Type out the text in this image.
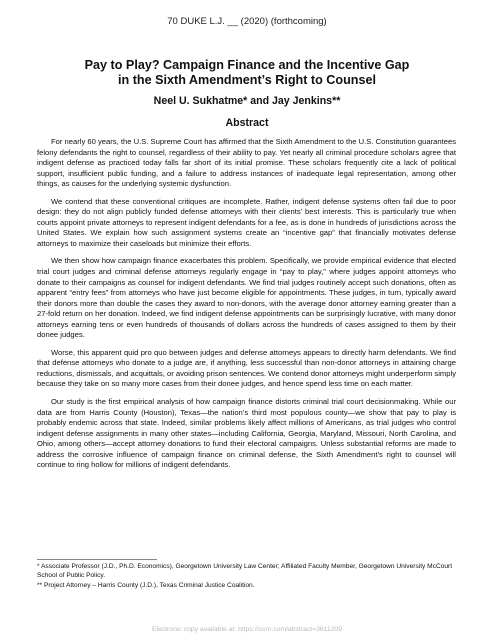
70 DUKE L.J. __ (2020) (forthcoming)
Pay to Play? Campaign Finance and the Incentive Gap
in the Sixth Amendment’s Right to Counsel
Neel U. Sukhatme* and Jay Jenkins**
Abstract

For nearly 60 years, the U.S. Supreme Court has affirmed that the Sixth Amendment to the U.S. Constitution guarantees felony defendants the right to counsel, regardless of their ability to pay. Yet nearly all criminal procedure scholars agree that indigent defense as practiced today falls far short of its initial promise. These scholars frequently cite a lack of political support, insufficient public funding, and a failure to address instances of inadequate legal representation, among other things, as causes for the underlying systemic dysfunction.

We contend that these conventional critiques are incomplete. Rather, indigent defense systems often fail due to poor design: they do not align publicly funded defense attorneys with their clients’ best interests. This is particularly true when courts appoint private attorneys to represent indigent defendants for a fee, as is done in hundreds of jurisdictions across the United States. We explain how such assignment systems create an “incentive gap” that financially motivates defense attorneys to maximize their caseloads but minimize their efforts.

We then show how campaign finance exacerbates this problem. Specifically, we provide empirical evidence that elected trial court judges and criminal defense attorneys regularly engage in “pay to play,” where judges appoint attorneys who donate to their campaigns as counsel for indigent defendants. We find trial judges routinely accept such donations, often as apparent “entry fees” from attorneys who have just become eligible for appointments. These judges, in turn, typically award their donors more than double the cases they award to non-donors, with the average donor attorney earning greater than a 27-fold return on her donation. Indeed, we find indigent defense appointments can be surprisingly lucrative, with many donor attorneys earning tens or even hundreds of thousands of dollars across the hundreds of cases assigned to them by their donee judges.

Worse, this apparent quid pro quo between judges and defense attorneys appears to directly harm defendants. We find that defense attorneys who donate to a judge are, if anything, less successful than non-donor attorneys in attaining charge reductions, dismissals, and acquittals, or avoiding prison sentences. We contend donor attorneys might underperform simply because they take on so many more cases from their donee judges, and hence spend less time on each matter.

Our study is the first empirical analysis of how campaign finance distorts criminal trial court decisionmaking. While our data are from Harris County (Houston), Texas—the nation’s third most populous county—we show that pay to play is probably endemic across that state. Indeed, similar problems likely affect millions of Americans, as trial judges who control indigent defense assignments in many other states—including California, Georgia, Maryland, Missouri, North Carolina, and Ohio, among others—accept attorney donations to fund their electoral campaigns. Unless substantial reforms are made to address the corrosive influence of campaign finance on criminal defense, the Sixth Amendment’s right to counsel will continue to ring hollow for millions of indigent defendants.

* Associate Professor (J.D., Ph.D. Economics), Georgetown University Law Center; Affiliated Faculty Member, Georgetown University McCourt School of Public Policy.

** Project Attorney – Harris County (J.D.), Texas Criminal Justice Coalition.

Electronic copy available at: https://ssrn.com/abstract=3611209
